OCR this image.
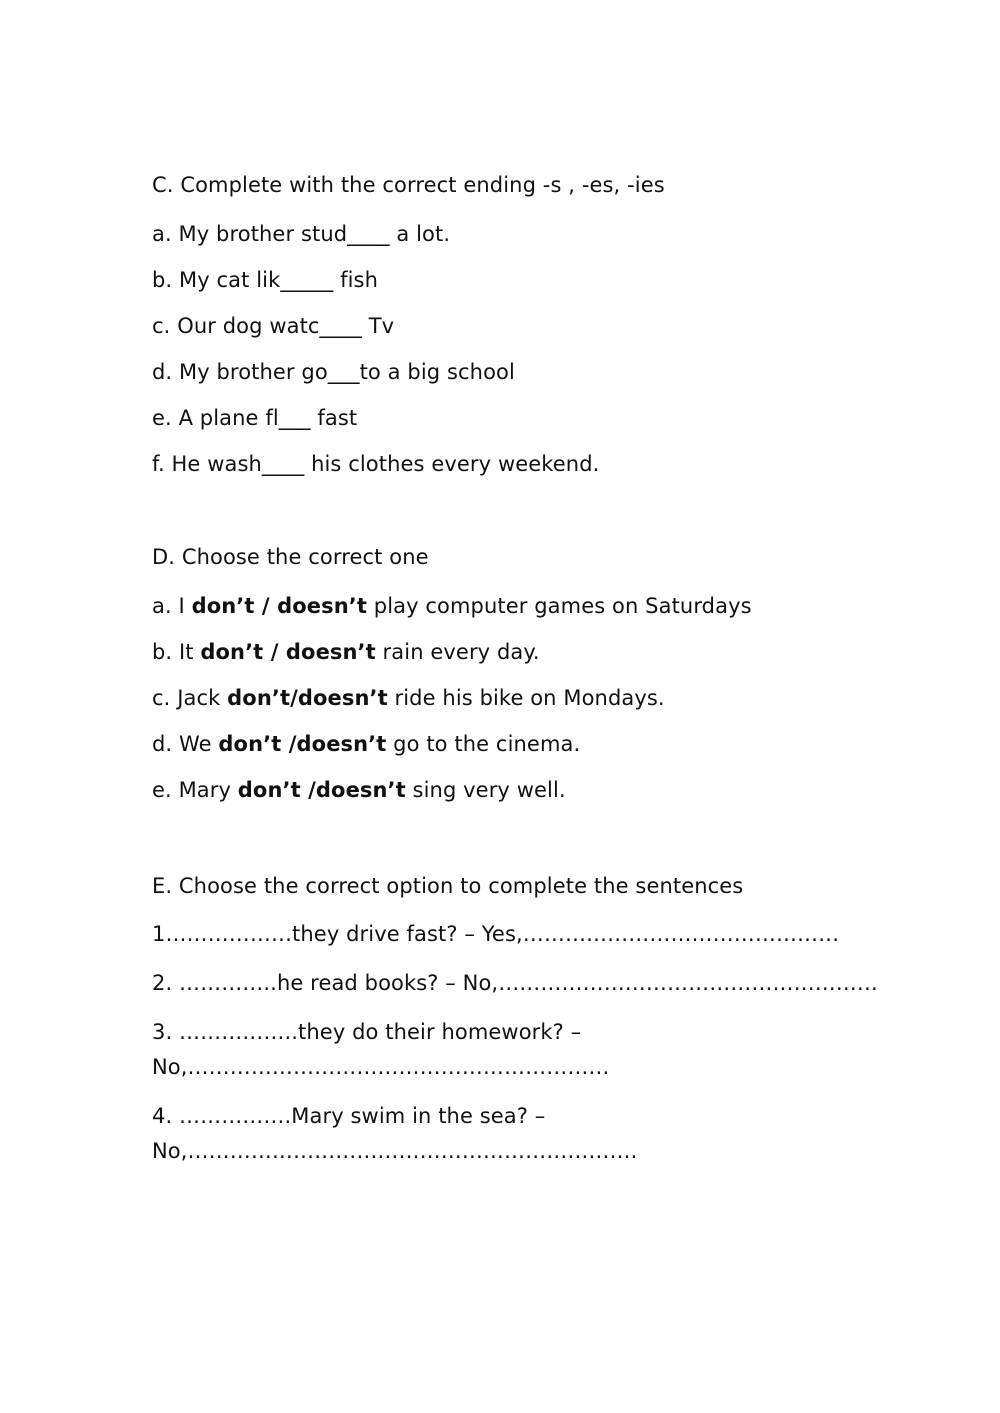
C. Complete with the correct ending -s , -es, -ies
a. My brother stud____ a lot.
b. My cat lik_____ fish
c. Our dog watc____ Tv
d. My brother go___to a big school
e. A plane fl___ fast
f. He wash____ his clothes every weekend.
D. Choose the correct one
a. I don’t / doesn’t play computer games on Saturdays
b. It don’t / doesn’t rain every day.
c. Jack don’t/doesn’t ride his bike on Mondays.
d. We don’t /doesn’t go to the cinema.
e. Mary don’t /doesn’t sing very well.
E. Choose the correct option to complete the sentences
1………………they drive fast? – Yes,………………………………………
2. …………..he read books? – No,………………………………………………
3. ……………..they do their homework? –
No,……………………………………………………
4. …………….Mary swim in the sea? –
No,……………………………………………………….
